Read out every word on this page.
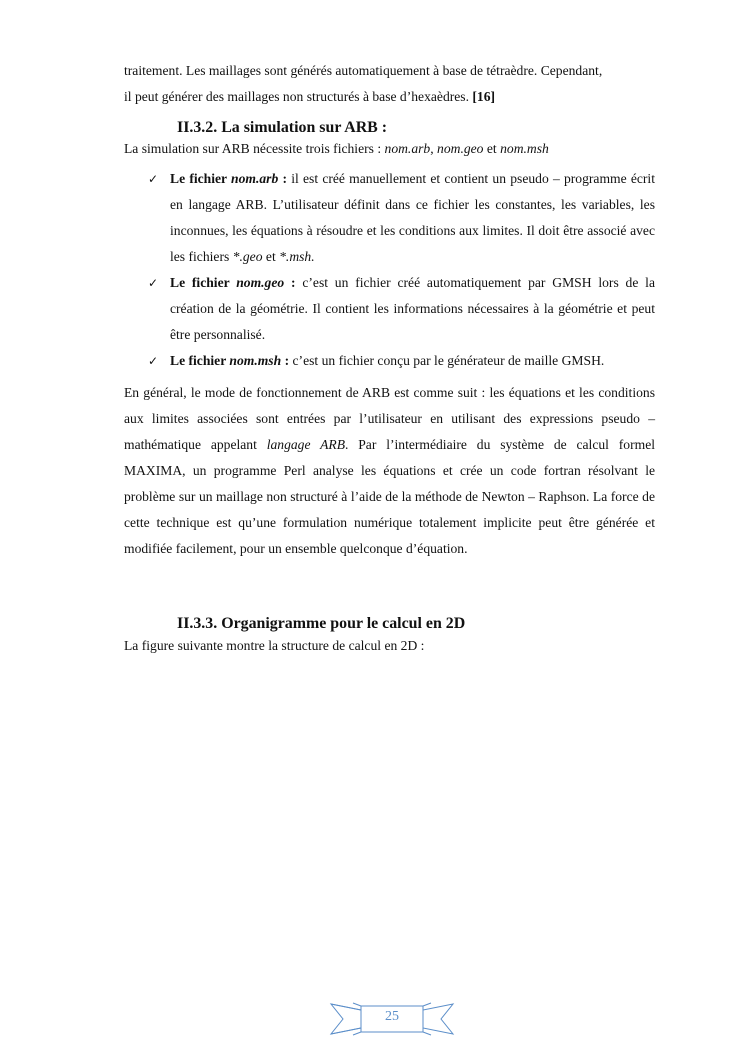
traitement. Les maillages sont générés automatiquement à base de tétraèdre. Cependant,
il peut générer des maillages non structurés à base d’hexaèdres. [16]

II.3.2. La simulation sur ARB :

La simulation sur ARB nécessite trois fichiers : nom.arb, nom.geo et nom.msh

✓ Le fichier nom.arb : il est créé manuellement et contient un pseudo – programme écrit en langage ARB. L’utilisateur définit dans ce fichier les constantes, les variables, les inconnues, les équations à résoudre et les conditions aux limites. Il doit être associé avec les fichiers *.geo et *.msh.
✓ Le fichier nom.geo : c’est un fichier créé automatiquement par GMSH lors de la création de la géométrie. Il contient les informations nécessaires à la géométrie et peut être personnalisé.
✓ Le fichier nom.msh : c’est un fichier conçu par le générateur de maille GMSH.

En général, le mode de fonctionnement de ARB est comme suit : les équations et les conditions aux limites associées sont entrées par l’utilisateur en utilisant des expressions pseudo – mathématique appelant langage ARB. Par l’intermédiaire du système de calcul formel MAXIMA, un programme Perl analyse les équations et crée un code fortran résolvant le problème sur un maillage non structuré à l’aide de la méthode de Newton – Raphson. La force de cette technique est qu’une formulation numérique totalement implicite peut être générée et modifiée facilement, pour un ensemble quelconque d’équation.

II.3.3. Organigramme pour le calcul en 2D

La figure suivante montre la structure de calcul en 2D :

25
